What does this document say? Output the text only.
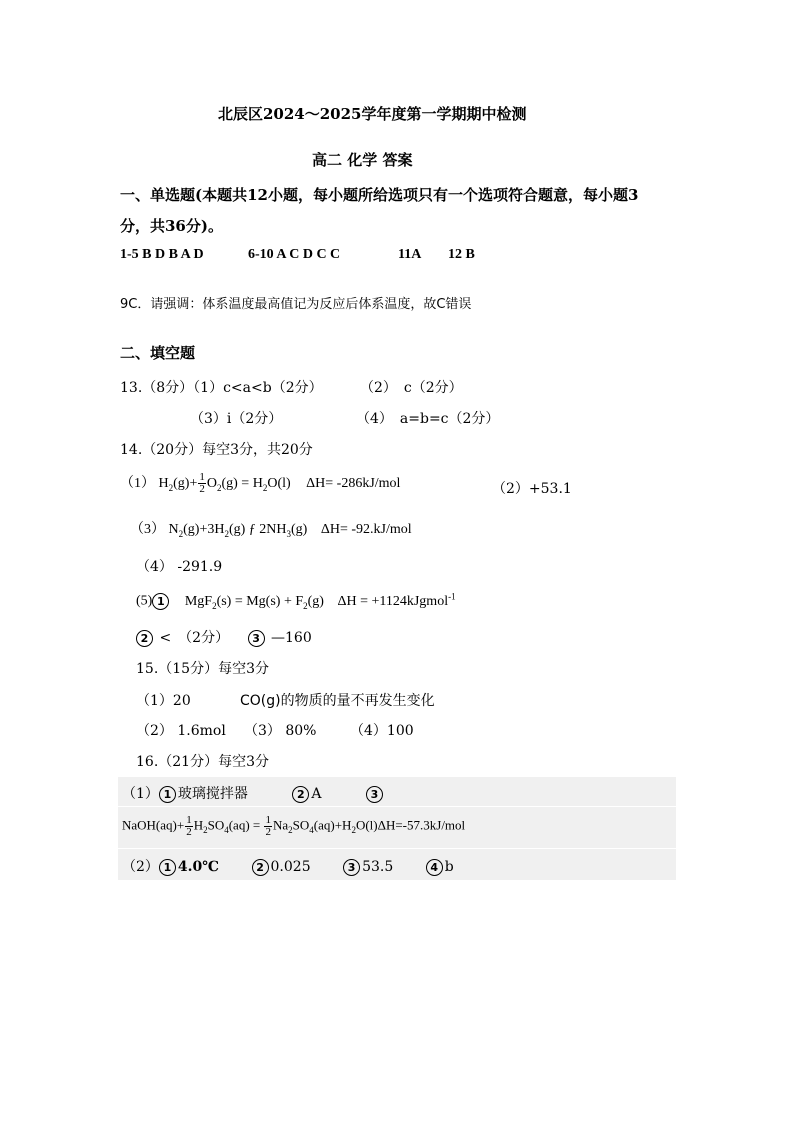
北辰区2024～2025学年度第一学期期中检测
高二 化学 答案
一、单选题(本题共12小题，每小题所给选项只有一个选项符合题意，每小题3
分，共36分)。
1-5 B D B A D	6-10 A C D C C	11A 12 B
9C．请强调：体系温度最高值记为反应后体系温度，故C错误
二、填空题
13.（8分）（1）c<a<b（2分）	（2）　c（2分）
（3）i（2分）	（4）　a=b=c（2分）
14.（20分）每空3分，共20分
（1） $H_2(g)+ \frac{1}{2} O_2(g) = H_2O(l)$ ΔH= -286kJ/mol	（2）+53.1
（3） $N_2(g)+3H_2(g)$ ƒ $2NH_3(g)$ ΔH= -92.kJ/mol
（4） -291.9
(5) 1 $MgF_2(s) = Mg(s) + F_2(g) \Delta H$ = +1124kJgmol$^{-1}$
2 <　（2分） 3 —160
15.（15分）每空3分
（1）20	CO(g)的物质的量不再发生变化
（2） 1.6mol （3） 80% （4）100
16.（21分）每空3分
（1） 1 玻璃搅拌器	2 A	3
NaOH(aq)+ $\frac{1}{2} H_2SO_4(aq) = \frac{1}{2} Na_2SO_4(aq)+H_2O(l)\Delta H=-57.3kJ/mol$
（2） 1 4.0℃	2 0.025	3 53.5	4 b
